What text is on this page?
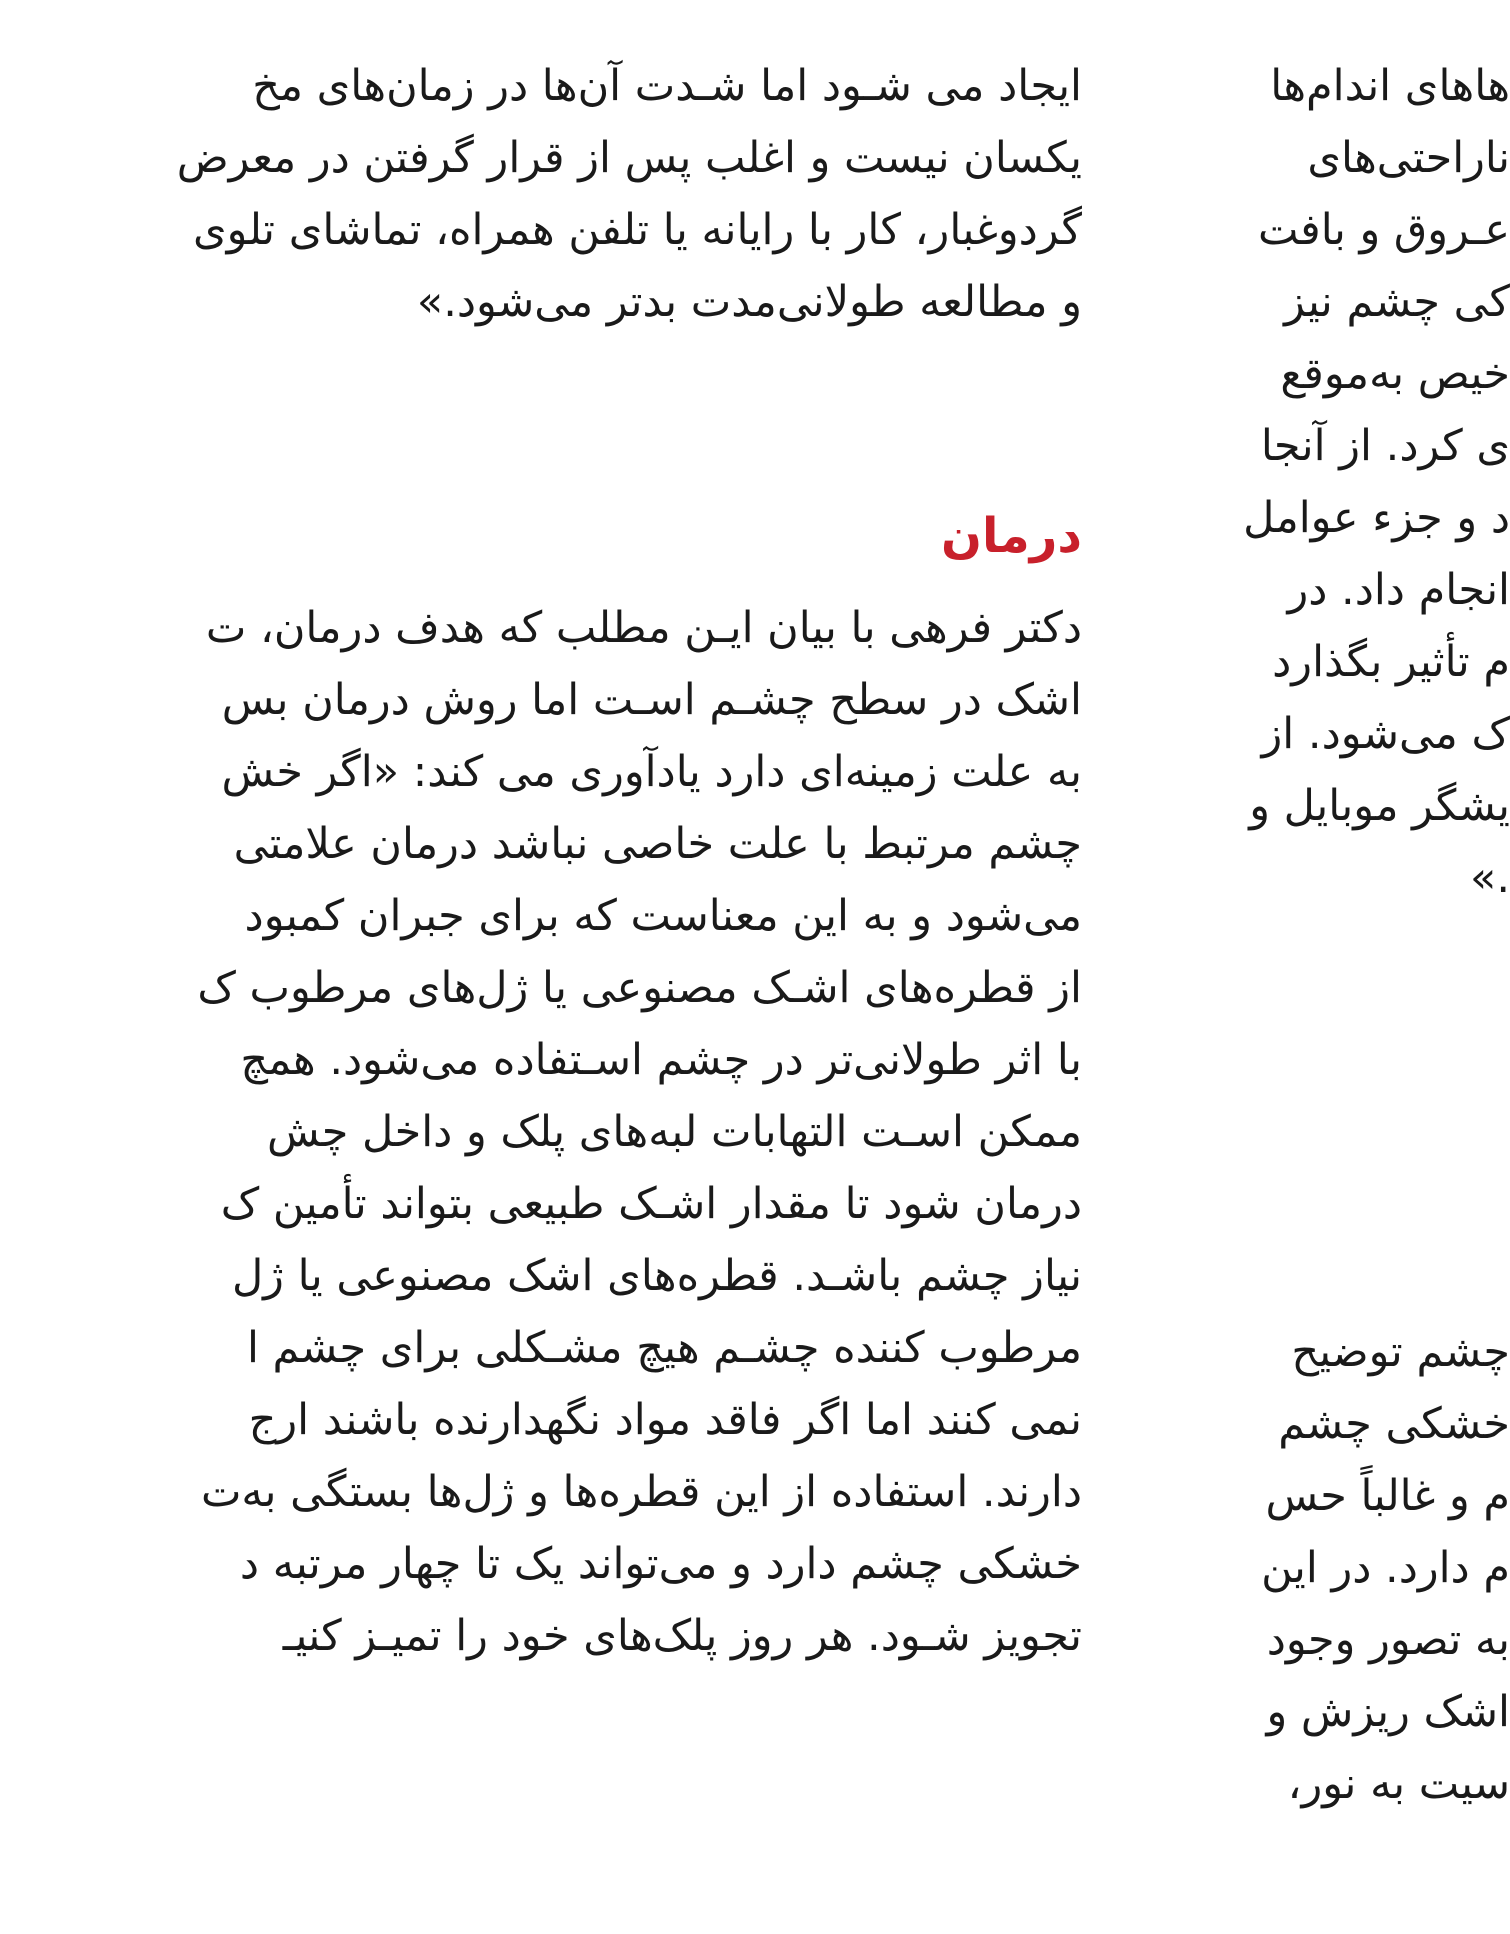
ایجاد می شـود اما شـدت آن‌ها در زمان‌های مخ
یکسان نیست و اغلب پس از قرار گرفتن در معرض
گردوغبار، کار با رایانه یا تلفن همراه، تماشای تلوی
و مطالعه طولانی‌مدت بدتر می‌شود.»
درمان
دکتر فرهی با بیان ایـن مطلب که هدف درمان، ت
اشک در سطح چشـم اسـت اما روش درمان بس
به علت زمینه‌ای دارد یادآوری می کند: «اگر خش
چشم مرتبط با علت خاصی نباشد درمان علامتی
می‌شود و به این معناست که برای جبران کمبود
از قطره‌های اشـک مصنوعی یا ژل‌های مرطوب ک
با اثر طولانی‌تر در چشم اسـتفاده می‌شود. همچ
ممکن اسـت التهابات لبه‌های پلک و داخل چش
درمان شود تا مقدار اشـک طبیعی بتواند تأمین ک
نیاز چشم باشـد. قطره‌های اشک مصنوعی یا ژل
مرطوب کننده چشـم هیچ مشـکلی برای چشم ا
نمی کنند اما اگر فاقد مواد نگهدارنده باشند ارج
دارند. استفاده از این قطره‌ها و ژل‌ها بستگی به‌ت
خشکی چشم دارد و می‌تواند یک تا چهار مرتبه د
تجویز شـود. هر روز پلک‌های خود را تمیـز کنیـ
ها‌های اندام‌ها
ناراحتی‌های
عـروق و بافت
کی چشم نیز
خیص به‌موقع
ی کرد. از آنجا
د و جزء عوامل
انجام داد. در
م تأثیر بگذارد
ک می‌شود. از
یشگر موبایل و
.»
چشم توضیح
خشکی چشم
م و غالباً حس
م دارد. در این
به تصور وجود
اشک ریزش و
سیت به نور،
